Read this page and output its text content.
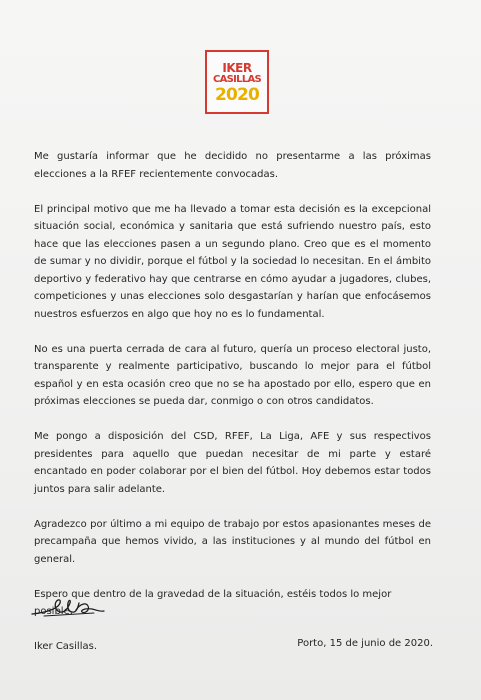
IKER
CASILLAS
2020

Me gustaría informar que he decidido no presentarme a las próximas elecciones a la RFEF recientemente convocadas.

El principal motivo que me ha llevado a tomar esta decisión es la excepcional situación social, económica y sanitaria que está sufriendo nuestro país, esto hace que las elecciones pasen a un segundo plano. Creo que es el momento de sumar y no dividir, porque el fútbol y la sociedad lo necesitan. En el ámbito deportivo y federativo hay que centrarse en cómo ayudar a jugadores, clubes, competiciones y unas elecciones solo desgastarían y harían que enfocásemos nuestros esfuerzos en algo que hoy no es lo fundamental.

No es una puerta cerrada de cara al futuro, quería un proceso electoral justo, transparente y realmente participativo, buscando lo mejor para el fútbol español y en esta ocasión creo que no se ha apostado por ello, espero que en próximas elecciones se pueda dar, conmigo o con otros candidatos.

Me pongo a disposición del CSD, RFEF, La Liga, AFE y sus respectivos presidentes para aquello que puedan necesitar de mi parte y estaré encantado en poder colaborar por el bien del fútbol. Hoy debemos estar todos juntos para salir adelante.

Agradezco por último a mi equipo de trabajo por estos apasionantes meses de precampaña que hemos vivido, a las instituciones y al mundo del fútbol en general.

Espero que dentro de la gravedad de la situación, estéis todos lo mejor posible.

Iker Casillas.	Porto, 15 de junio de 2020.
